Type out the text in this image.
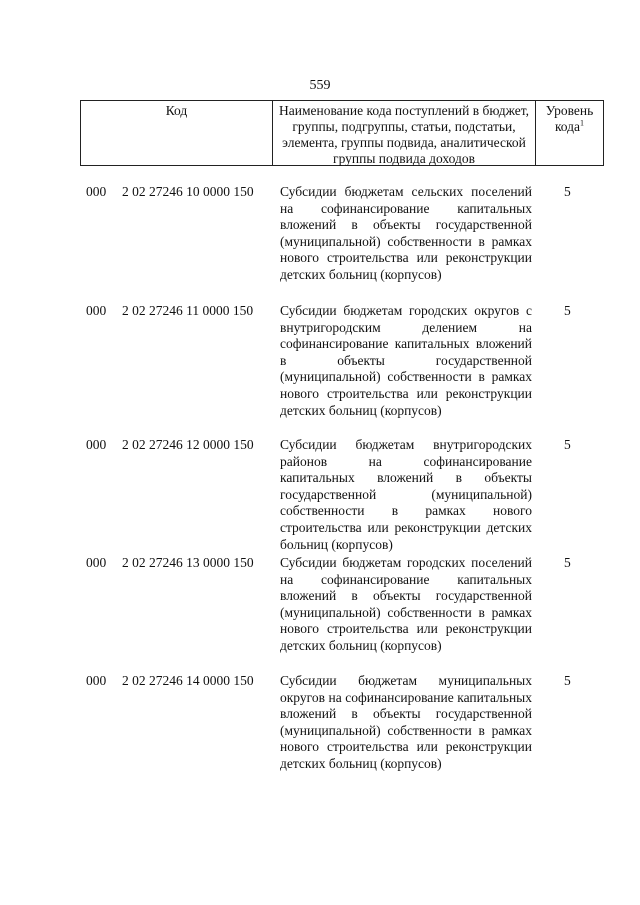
559
Код	Наименование кода поступлений в бюджет, группы, подгруппы, статьи, подстатьи, элемента, группы подвида, аналитической группы подвида доходов
Уровень кода$^1$
000 2 02 27246 10 0000 150 Субсидии бюджетам сельских поселений на софинансирование капитальных вложений в объекты государственной (муниципальной) собственности в рамках нового строительства или реконструкции детских больниц (корпусов)
5
000 2 02 27246 11 0000 150 Субсидии бюджетам городских округов с внутригородским делением на софинансирование капитальных вложений в объекты государственной (муниципальной) собственности в рамках нового строительства или реконструкции детских больниц (корпусов)
5
000 2 02 27246 12 0000 150 Субсидии бюджетам внутригородских районов на софинансирование капитальных вложений в объекты государственной (муниципальной) собственности в рамках нового строительства или реконструкции детских больниц (корпусов)
5
000 2 02 27246 13 0000 150 Субсидии бюджетам городских поселений на софинансирование капитальных вложений в объекты государственной (муниципальной) собственности в рамках нового строительства или реконструкции детских больниц (корпусов)
5
000 2 02 27246 14 0000 150 Субсидии бюджетам муниципальных округов на софинансирование капитальных вложений в объекты государственной (муниципальной) собственности в рамках нового строительства или реконструкции детских больниц (корпусов)
5
